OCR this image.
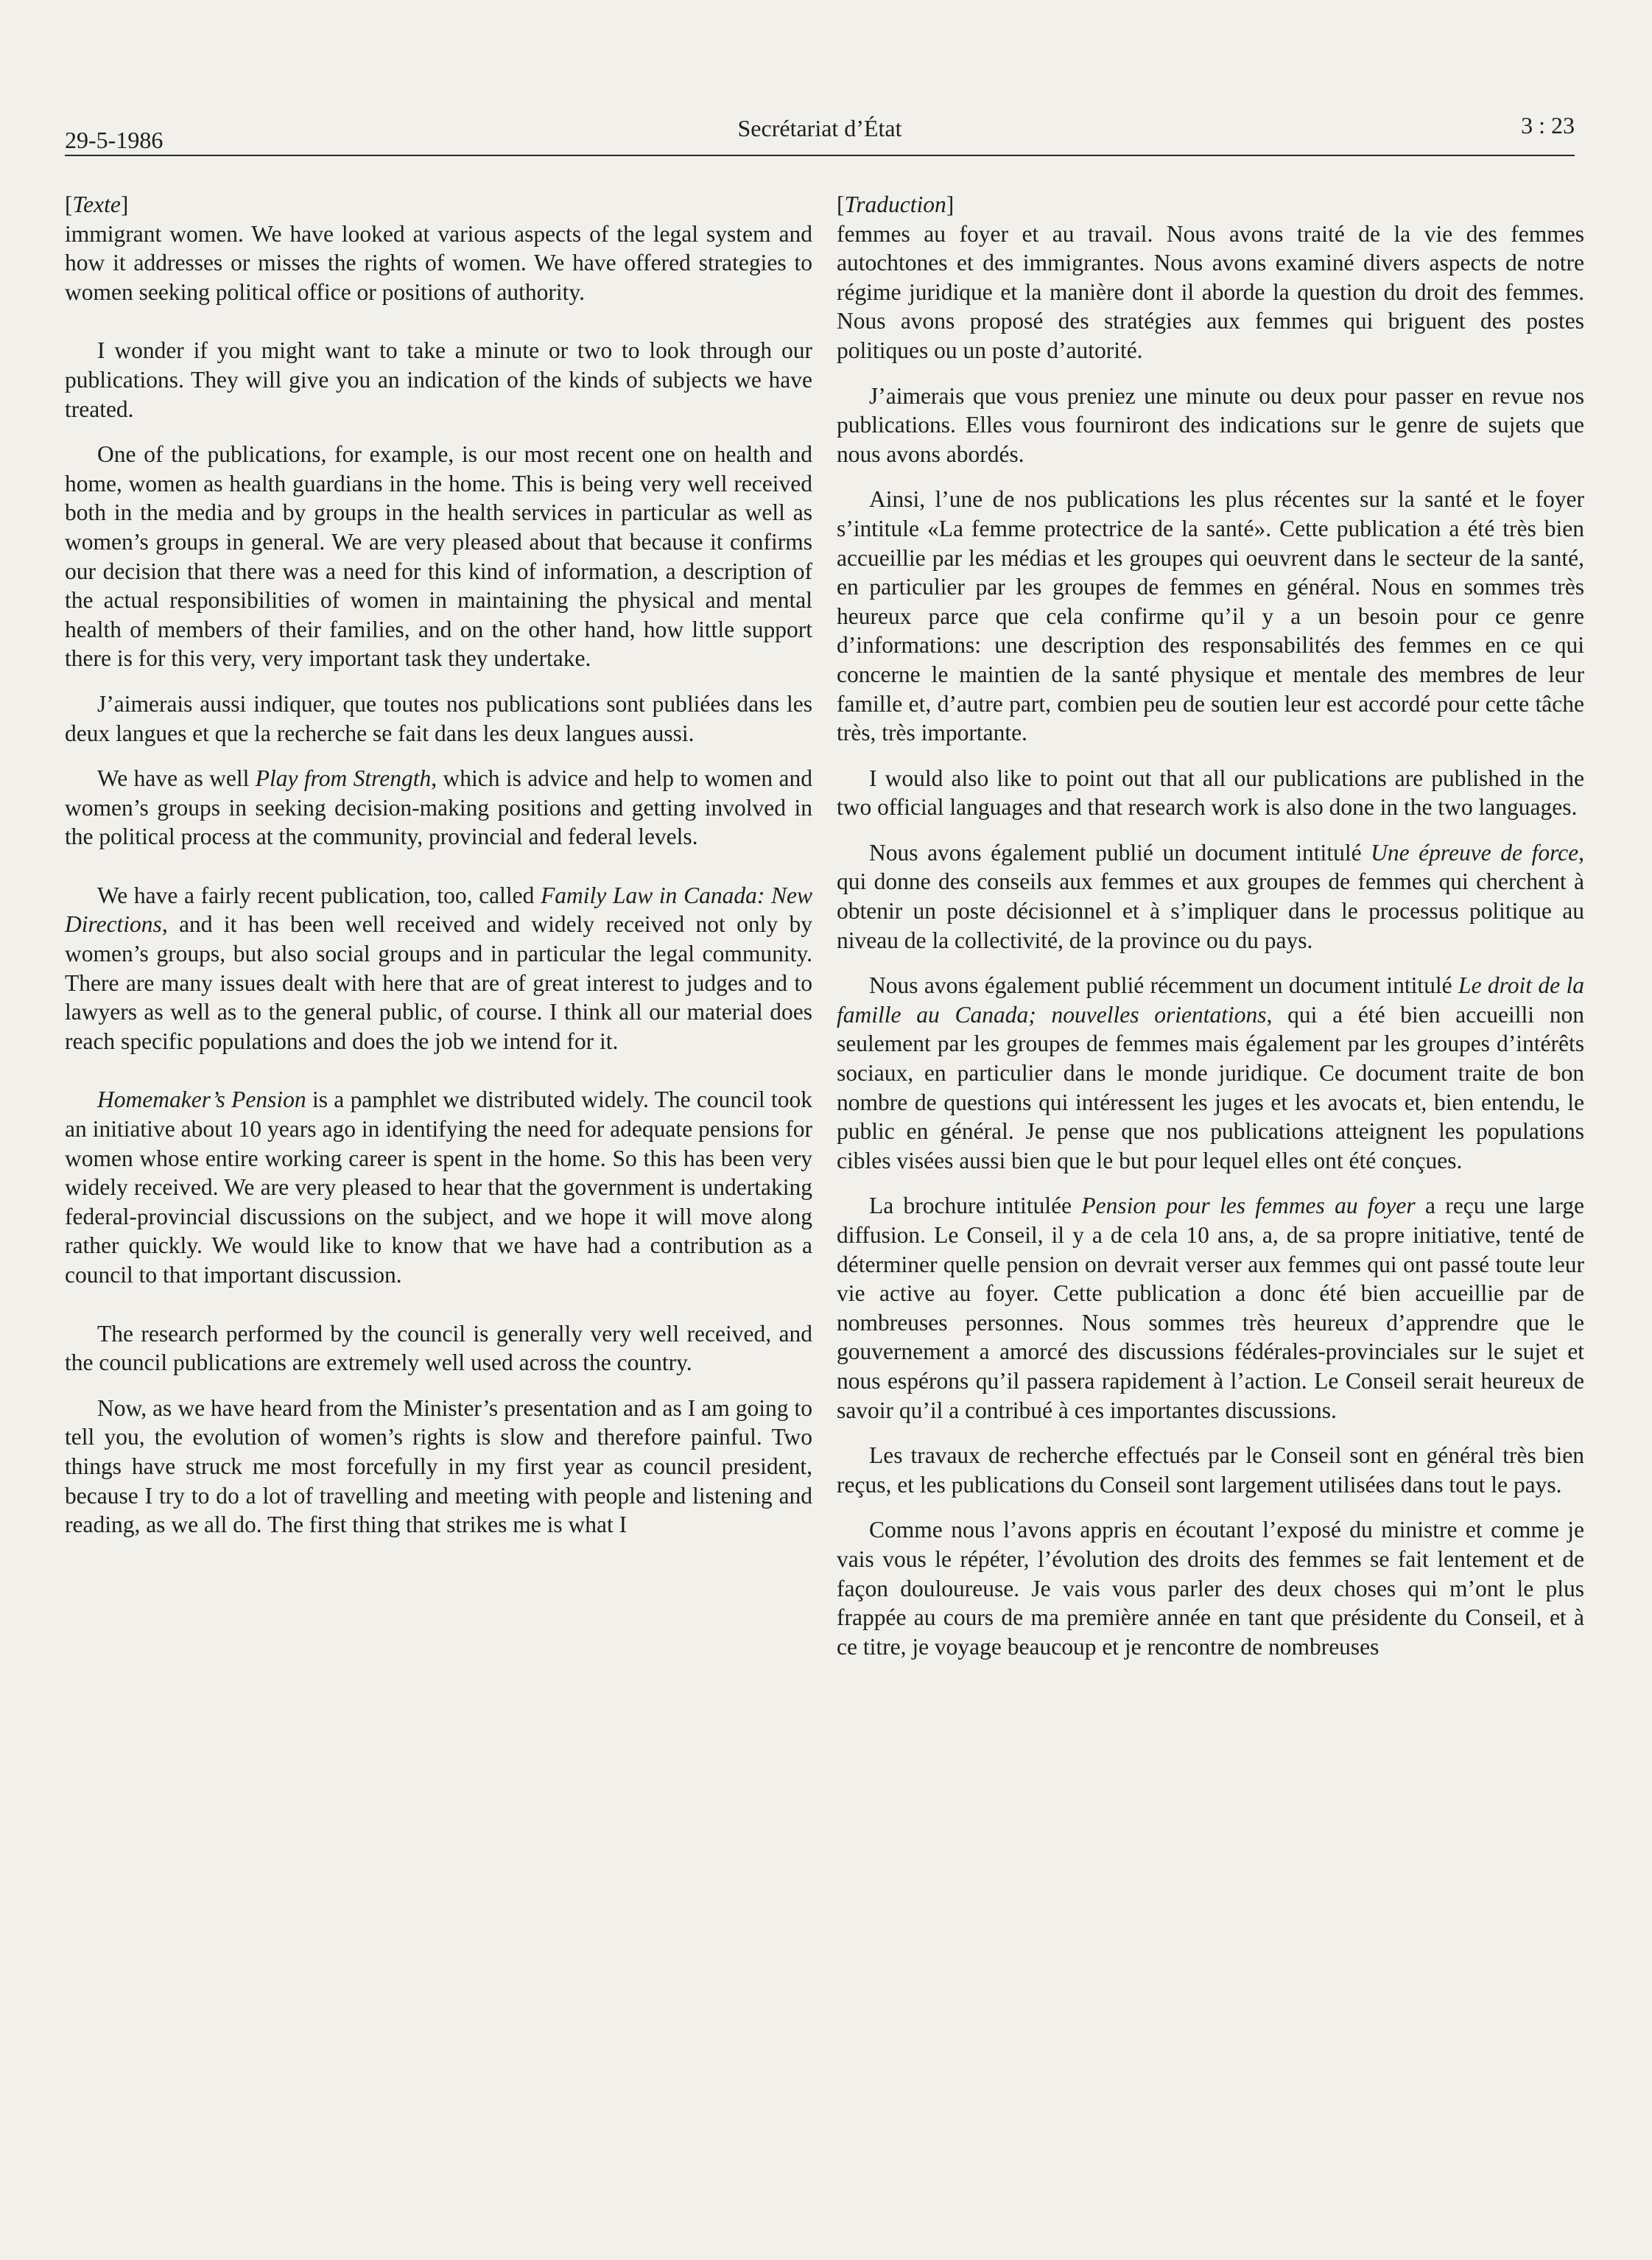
29-5-1986	Secrétariat d’État	3 : 23
[Texte]

immigrant women. We have looked at various aspects of the legal system and how it addresses or misses the rights of women. We have offered strategies to women seeking political office or positions of authority.

I wonder if you might want to take a minute or two to look through our publications. They will give you an indication of the kinds of subjects we have treated.

One of the publications, for example, is our most recent one on health and home, women as health guardians in the home. This is being very well received both in the media and by groups in the health services in particular as well as women’s groups in general. We are very pleased about that because it confirms our decision that there was a need for this kind of information, a description of the actual responsibilities of women in maintaining the physical and mental health of members of their families, and on the other hand, how little support there is for this very, very important task they undertake.

J’aimerais aussi indiquer, que toutes nos publications sont publiées dans les deux langues et que la recherche se fait dans les deux langues aussi.

We have as well Play from Strength, which is advice and help to women and women’s groups in seeking decision-making positions and getting involved in the political process at the community, provincial and federal levels.

We have a fairly recent publication, too, called Family Law in Canada: New Directions, and it has been well received and widely received not only by women’s groups, but also social groups and in particular the legal community. There are many issues dealt with here that are of great interest to judges and to lawyers as well as to the general public, of course. I think all our material does reach specific populations and does the job we intend for it.

Homemaker’s Pension is a pamphlet we distributed widely. The council took an initiative about 10 years ago in identifying the need for adequate pensions for women whose entire working career is spent in the home. So this has been very widely received. We are very pleased to hear that the government is undertaking federal-provincial discussions on the subject, and we hope it will move along rather quickly. We would like to know that we have had a contribution as a council to that important discussion.

The research performed by the council is generally very well received, and the council publications are extremely well used across the country.

Now, as we have heard from the Minister’s presentation and as I am going to tell you, the evolution of women’s rights is slow and therefore painful. Two things have struck me most forcefully in my first year as council president, because I try to do a lot of travelling and meeting with people and listening and reading, as we all do. The first thing that strikes me is what I

[Traduction]

femmes au foyer et au travail. Nous avons traité de la vie des femmes autochtones et des immigrantes. Nous avons examiné divers aspects de notre régime juridique et la manière dont il aborde la question du droit des femmes. Nous avons proposé des stratégies aux femmes qui briguent des postes politiques ou un poste d’autorité.

J’aimerais que vous preniez une minute ou deux pour passer en revue nos publications. Elles vous fourniront des indications sur le genre de sujets que nous avons abordés.

Ainsi, l’une de nos publications les plus récentes sur la santé et le foyer s’intitule «La femme protectrice de la santé». Cette publication a été très bien accueillie par les médias et les groupes qui oeuvrent dans le secteur de la santé, en particulier par les groupes de femmes en général. Nous en sommes très heureux parce que cela confirme qu’il y a un besoin pour ce genre d’informations: une description des responsabilités des femmes en ce qui concerne le maintien de la santé physique et mentale des membres de leur famille et, d’autre part, combien peu de soutien leur est accordé pour cette tâche très, très importante.

I would also like to point out that all our publications are published in the two official languages and that research work is also done in the two languages.

Nous avons également publié un document intitulé Une épreuve de force, qui donne des conseils aux femmes et aux groupes de femmes qui cherchent à obtenir un poste décisionnel et à s’impliquer dans le processus politique au niveau de la collectivité, de la province ou du pays.

Nous avons également publié récemment un document intitulé Le droit de la famille au Canada; nouvelles orientations, qui a été bien accueilli non seulement par les groupes de femmes mais également par les groupes d’intérêts sociaux, en particulier dans le monde juridique. Ce document traite de bon nombre de questions qui intéressent les juges et les avocats et, bien entendu, le public en général. Je pense que nos publications atteignent les populations cibles visées aussi bien que le but pour lequel elles ont été conçues.

La brochure intitulée Pension pour les femmes au foyer a reçu une large diffusion. Le Conseil, il y a de cela 10 ans, a, de sa propre initiative, tenté de déterminer quelle pension on devrait verser aux femmes qui ont passé toute leur vie active au foyer. Cette publication a donc été bien accueillie par de nombreuses personnes. Nous sommes très heureux d’apprendre que le gouvernement a amorcé des discussions fédérales-provinciales sur le sujet et nous espérons qu’il passera rapidement à l’action. Le Conseil serait heureux de savoir qu’il a contribué à ces importantes discussions.

Les travaux de recherche effectués par le Conseil sont en général très bien reçus, et les publications du Conseil sont largement utilisées dans tout le pays.

Comme nous l’avons appris en écoutant l’exposé du ministre et comme je vais vous le répéter, l’évolution des droits des femmes se fait lentement et de façon douloureuse. Je vais vous parler des deux choses qui m’ont le plus frappée au cours de ma première année en tant que présidente du Conseil, et à ce titre, je voyage beaucoup et je rencontre de nombreuses
